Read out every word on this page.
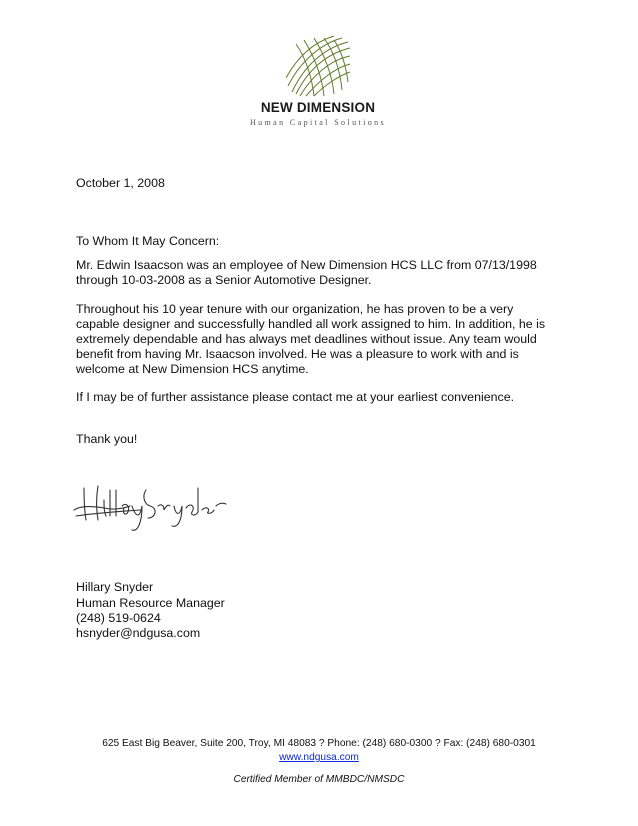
NEW DIMENSION
Human Capital Solutions
October 1, 2008
To Whom It May Concern:
Mr. Edwin Isaacson was an employee of New Dimension HCS LLC from 07/13/1998
through 10-03-2008 as a Senior Automotive Designer.
Throughout his 10 year tenure with our organization, he has proven to be a very
capable designer and successfully handled all work assigned to him. In addition, he is
extremely dependable and has always met deadlines without issue. Any team would
benefit from having Mr. Isaacson involved. He was a pleasure to work with and is
welcome at New Dimension HCS anytime.
If I may be of further assistance please contact me at your earliest convenience.
Thank you!
Hillary Snyder
Human Resource Manager
(248) 519-0624
hsnyder@ndgusa.com
625 East Big Beaver, Suite 200, Troy, MI 48083 ? Phone: (248) 680-0300 ? Fax: (248) 680-0301
www.ndgusa.com
Certified Member of MMBDC/NMSDC
